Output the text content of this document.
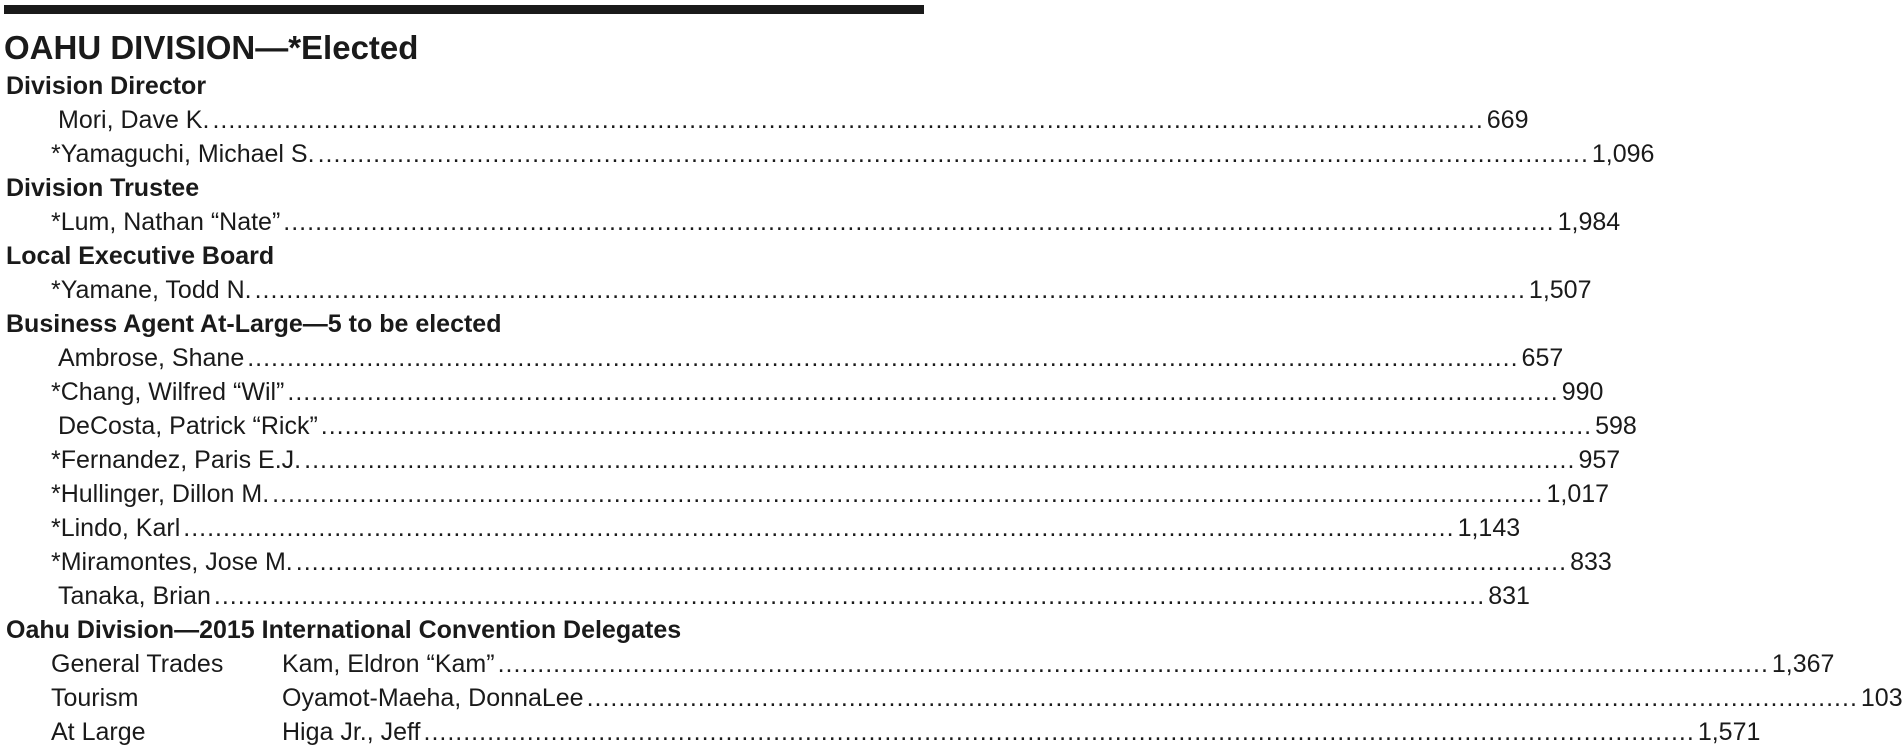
OAHU DIVISION—*Elected
Division Director
Mori, Dave K. ................................................................................................................................................................ 669
*Yamaguchi, Michael S. ................................................................................................................................................................ 1,096
Division Trustee
*Lum, Nathan “Nate” ................................................................................................................................................................ 1,984
Local Executive Board
*Yamane, Todd N. ................................................................................................................................................................ 1,507
Business Agent At-Large—5 to be elected
Ambrose, Shane ................................................................................................................................................................ 657
*Chang, Wilfred “Wil” ................................................................................................................................................................ 990
DeCosta, Patrick “Rick” ................................................................................................................................................................ 598
*Fernandez, Paris E.J. ................................................................................................................................................................ 957
*Hullinger, Dillon M. ................................................................................................................................................................ 1,017
*Lindo, Karl ................................................................................................................................................................ 1,143
*Miramontes, Jose M. ................................................................................................................................................................ 833
Tanaka, Brian ................................................................................................................................................................ 831
Oahu Division—2015 International Convention Delegates
General Trades Kam, Eldron “Kam” ................................................................................................................................................................ 1,367
Tourism	Oyamot-Maeha, DonnaLee ................................................................................................................................................................ 103
At Large	Higa Jr., Jeff ................................................................................................................................................................ 1,571
